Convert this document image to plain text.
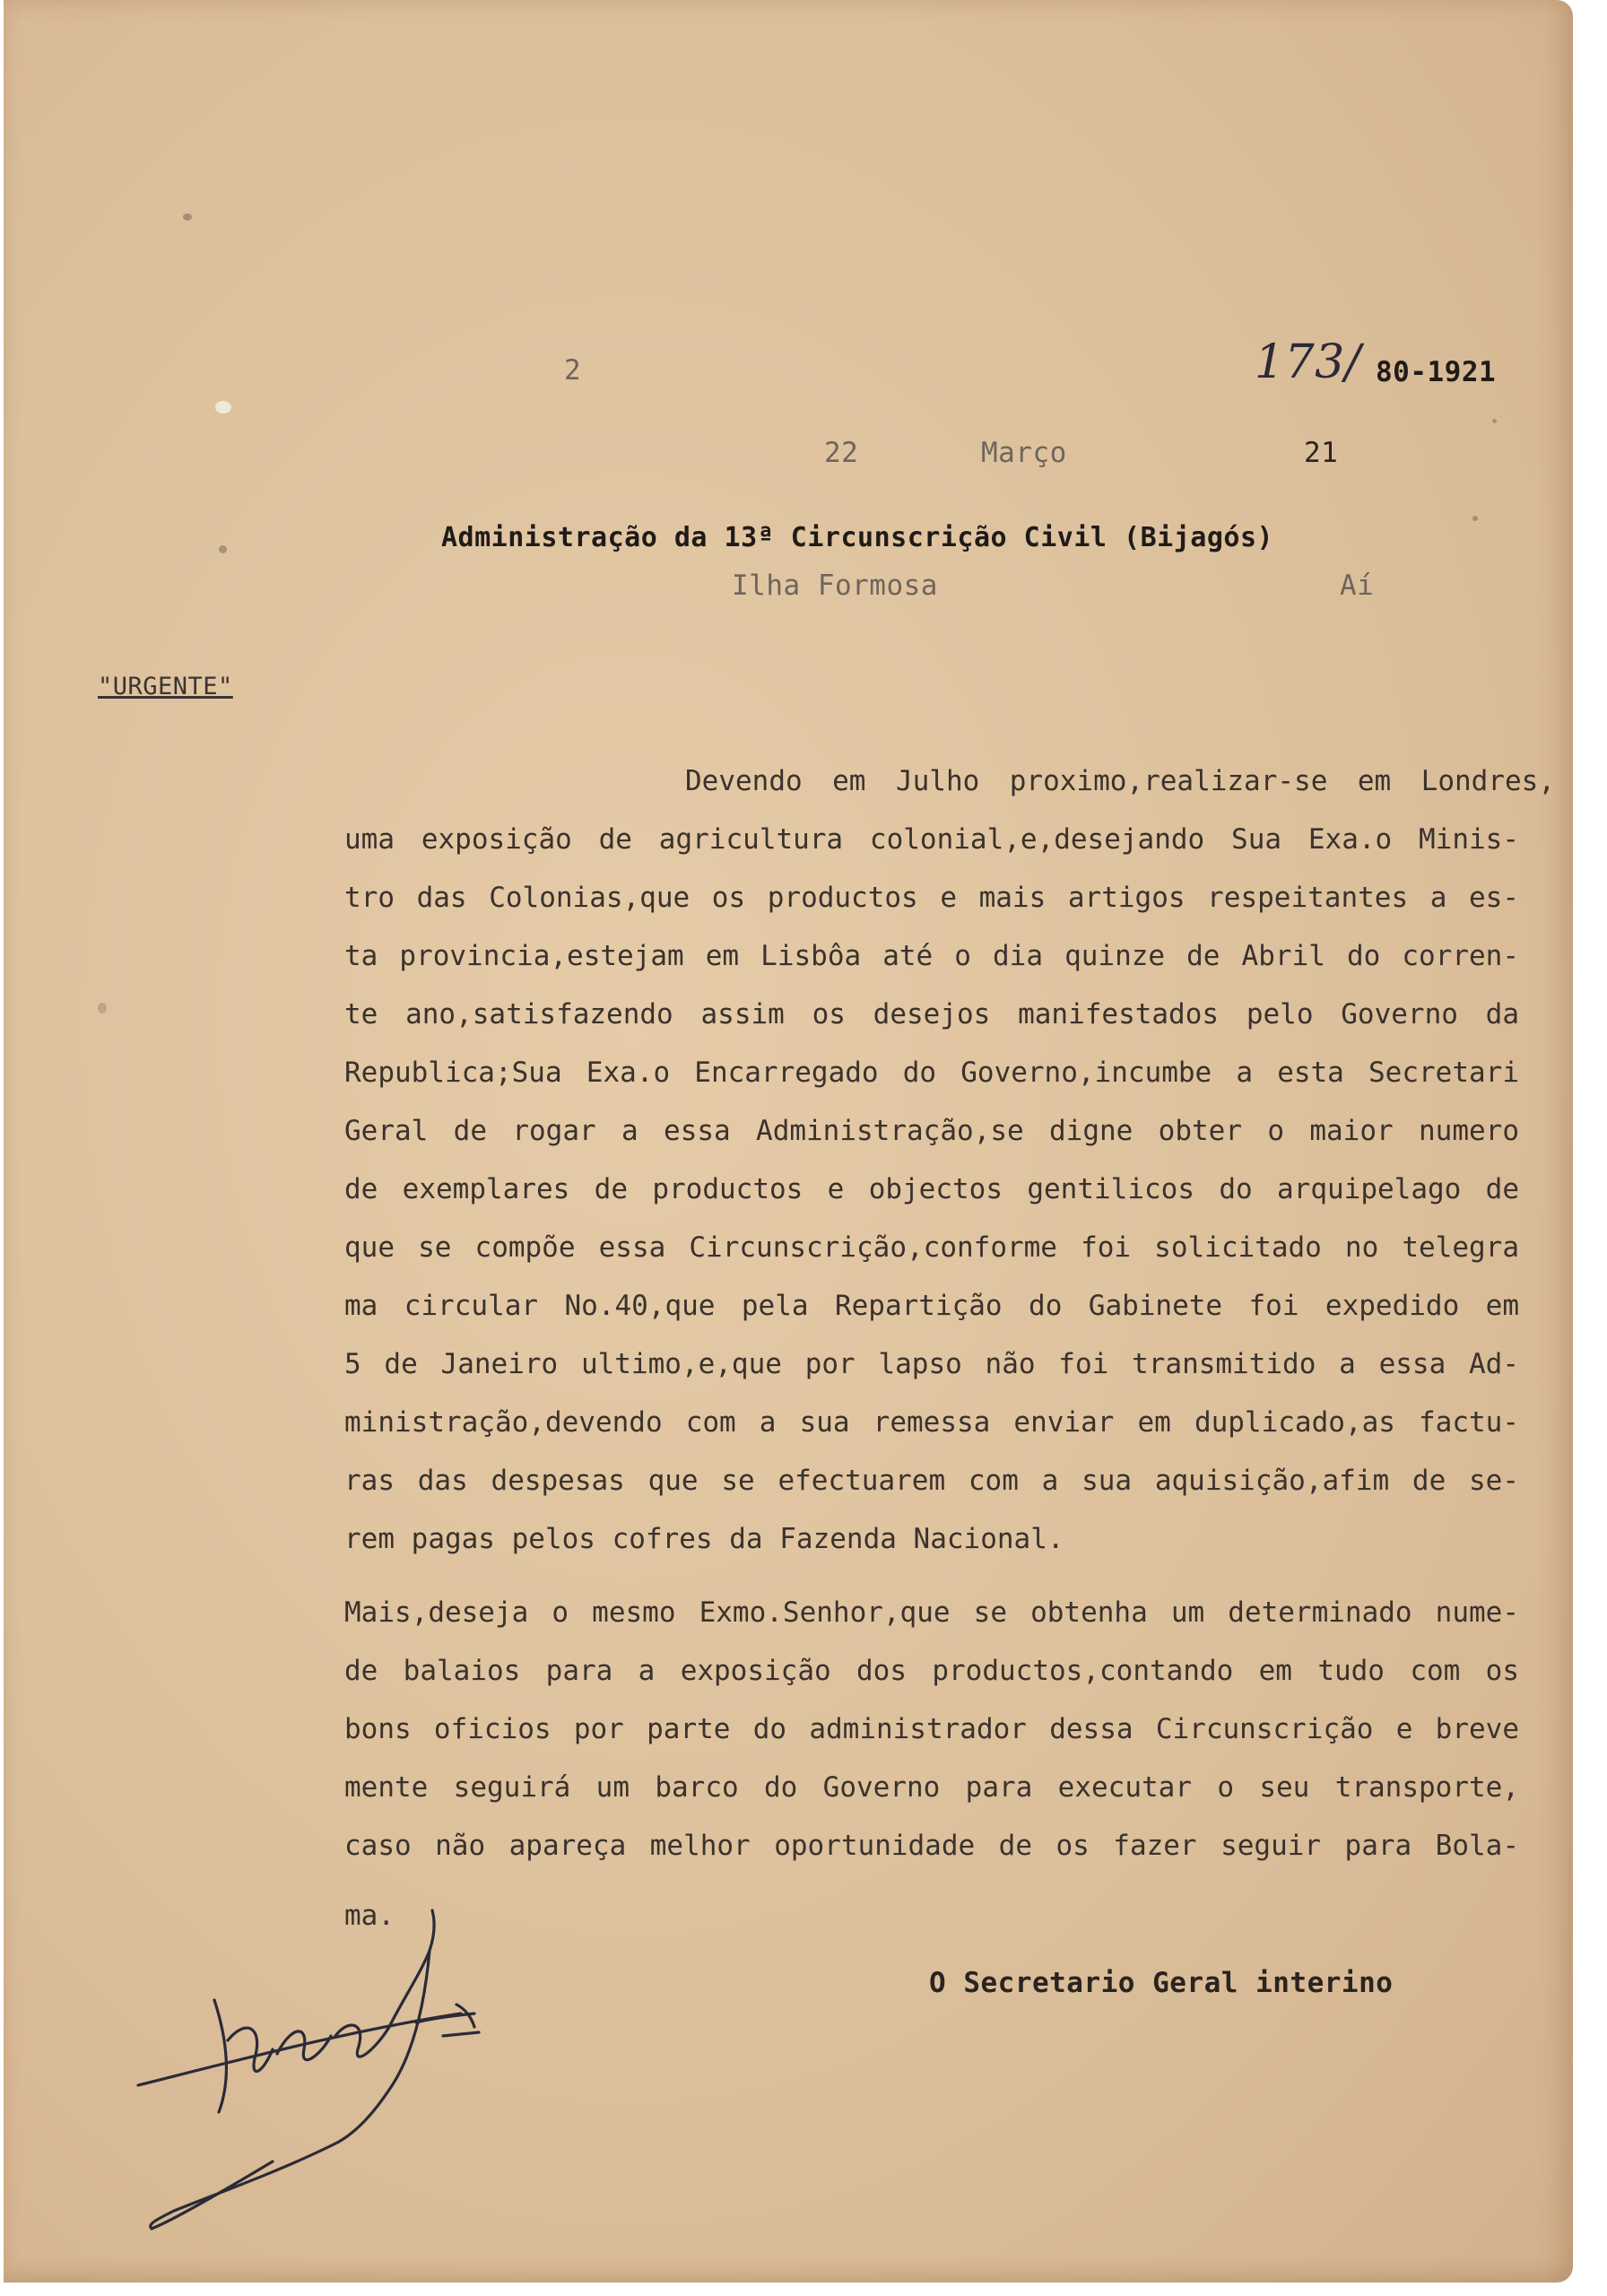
2	173/ 80-1921
22	Março	21
Administração da 13ª Circunscrição Civil (Bijagós)
Ilha Formosa	Aí
"URGENTE"
Devendo em Julho proximo,realizar-se em Londres,
uma exposição de agricultura colonial,e,desejando Sua Exa.o Minis-
tro das Colonias,que os productos e mais artigos respeitantes a es-
ta provincia,estejam em Lisbôa até o dia quinze de Abril do corren-
te ano,satisfazendo assim os desejos manifestados pelo Governo da
Republica;Sua Exa.o Encarregado do Governo,incumbe a esta Secretari
Geral de rogar a essa Administração,se digne obter o maior numero
de exemplares de productos e objectos gentilicos do arquipelago de
que se compõe essa Circunscrição,conforme foi solicitado no telegra
ma circular No.40,que pela Repartição do Gabinete foi expedido em
5 de Janeiro ultimo,e,que por lapso não foi transmitido a essa Ad-
ministração,devendo com a sua remessa enviar em duplicado,as factu-
ras das despesas que se efectuarem com a sua aquisição,afim de se-
rem pagas pelos cofres da Fazenda Nacional.
Mais,deseja o mesmo Exmo.Senhor,que se obtenha um determinado nume-
de balaios para a exposição dos productos,contando em tudo com os
bons oficios por parte do administrador dessa Circunscrição e breve
mente seguirá um barco do Governo para executar o seu transporte,
caso não apareça melhor oportunidade de os fazer seguir para Bola-
ma.
O Secretario Geral interino
